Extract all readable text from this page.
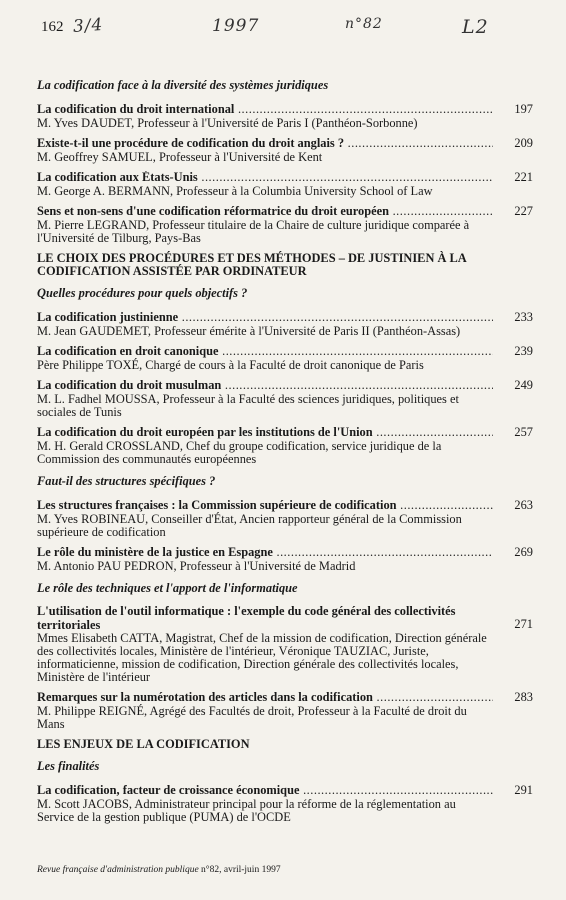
162 3/4	1997	n°82	L2
La codification face à la diversité des systèmes juridiques
La codification du droit international .....	197
M. Yves DAUDET, Professeur à l'Université de Paris I (Panthéon-Sorbonne)
Existe-t-il une procédure de codification du droit anglais ? .....	209
M. Geoffrey SAMUEL, Professeur à l'Université de Kent
La codification aux États-Unis .....	221
M. George A. BERMANN, Professeur à la Columbia University School of Law
Sens et non-sens d'une codification réformatrice du droit européen .....	227
M. Pierre LEGRAND, Professeur titulaire de la Chaire de culture juridique comparée à l'Université de Tilburg, Pays-Bas
LE CHOIX DES PROCÉDURES ET DES MÉTHODES – DE JUSTINIEN À LA CODIFICATION ASSISTÉE PAR ORDINATEUR
Quelles procédures pour quels objectifs ?
La codification justinienne .....	233
M. Jean GAUDEMET, Professeur émérite à l'Université de Paris II (Panthéon-Assas)
La codification en droit canonique .....	239
Père Philippe TOXÉ, Chargé de cours à la Faculté de droit canonique de Paris
La codification du droit musulman .....	249
M. L. Fadhel MOUSSA, Professeur à la Faculté des sciences juridiques, politiques et sociales de Tunis
La codification du droit européen par les institutions de l'Union .....	257
M. H. Gerald CROSSLAND, Chef du groupe codification, service juridique de la Commission des communautés européennes
Faut-il des structures spécifiques ?
Les structures françaises : la Commission supérieure de codification .....	263
M. Yves ROBINEAU, Conseiller d'État, Ancien rapporteur général de la Commission supérieure de codification
Le rôle du ministère de la justice en Espagne .....	269
M. Antonio PAU PEDRON, Professeur à l'Université de Madrid
Le rôle des techniques et l'apport de l'informatique
L'utilisation de l'outil informatique : l'exemple du code général des collectivités territoriales	271
Mmes Elisabeth CATTA, Magistrat, Chef de la mission de codification, Direction générale des collectivités locales, Ministère de l'intérieur, Véronique TAUZIAC, Juriste, informaticienne, mission de codification, Direction générale des collectivités locales, Ministère de l'intérieur
Remarques sur la numérotation des articles dans la codification .....	283
M. Philippe REIGNÉ, Agrégé des Facultés de droit, Professeur à la Faculté de droit du Mans
LES ENJEUX DE LA CODIFICATION
Les finalités
La codification, facteur de croissance économique .....	291
M. Scott JACOBS, Administrateur principal pour la réforme de la réglementation au Service de la gestion publique (PUMA) de l'OCDE
Revue française d'administration publique n°82, avril-juin 1997
